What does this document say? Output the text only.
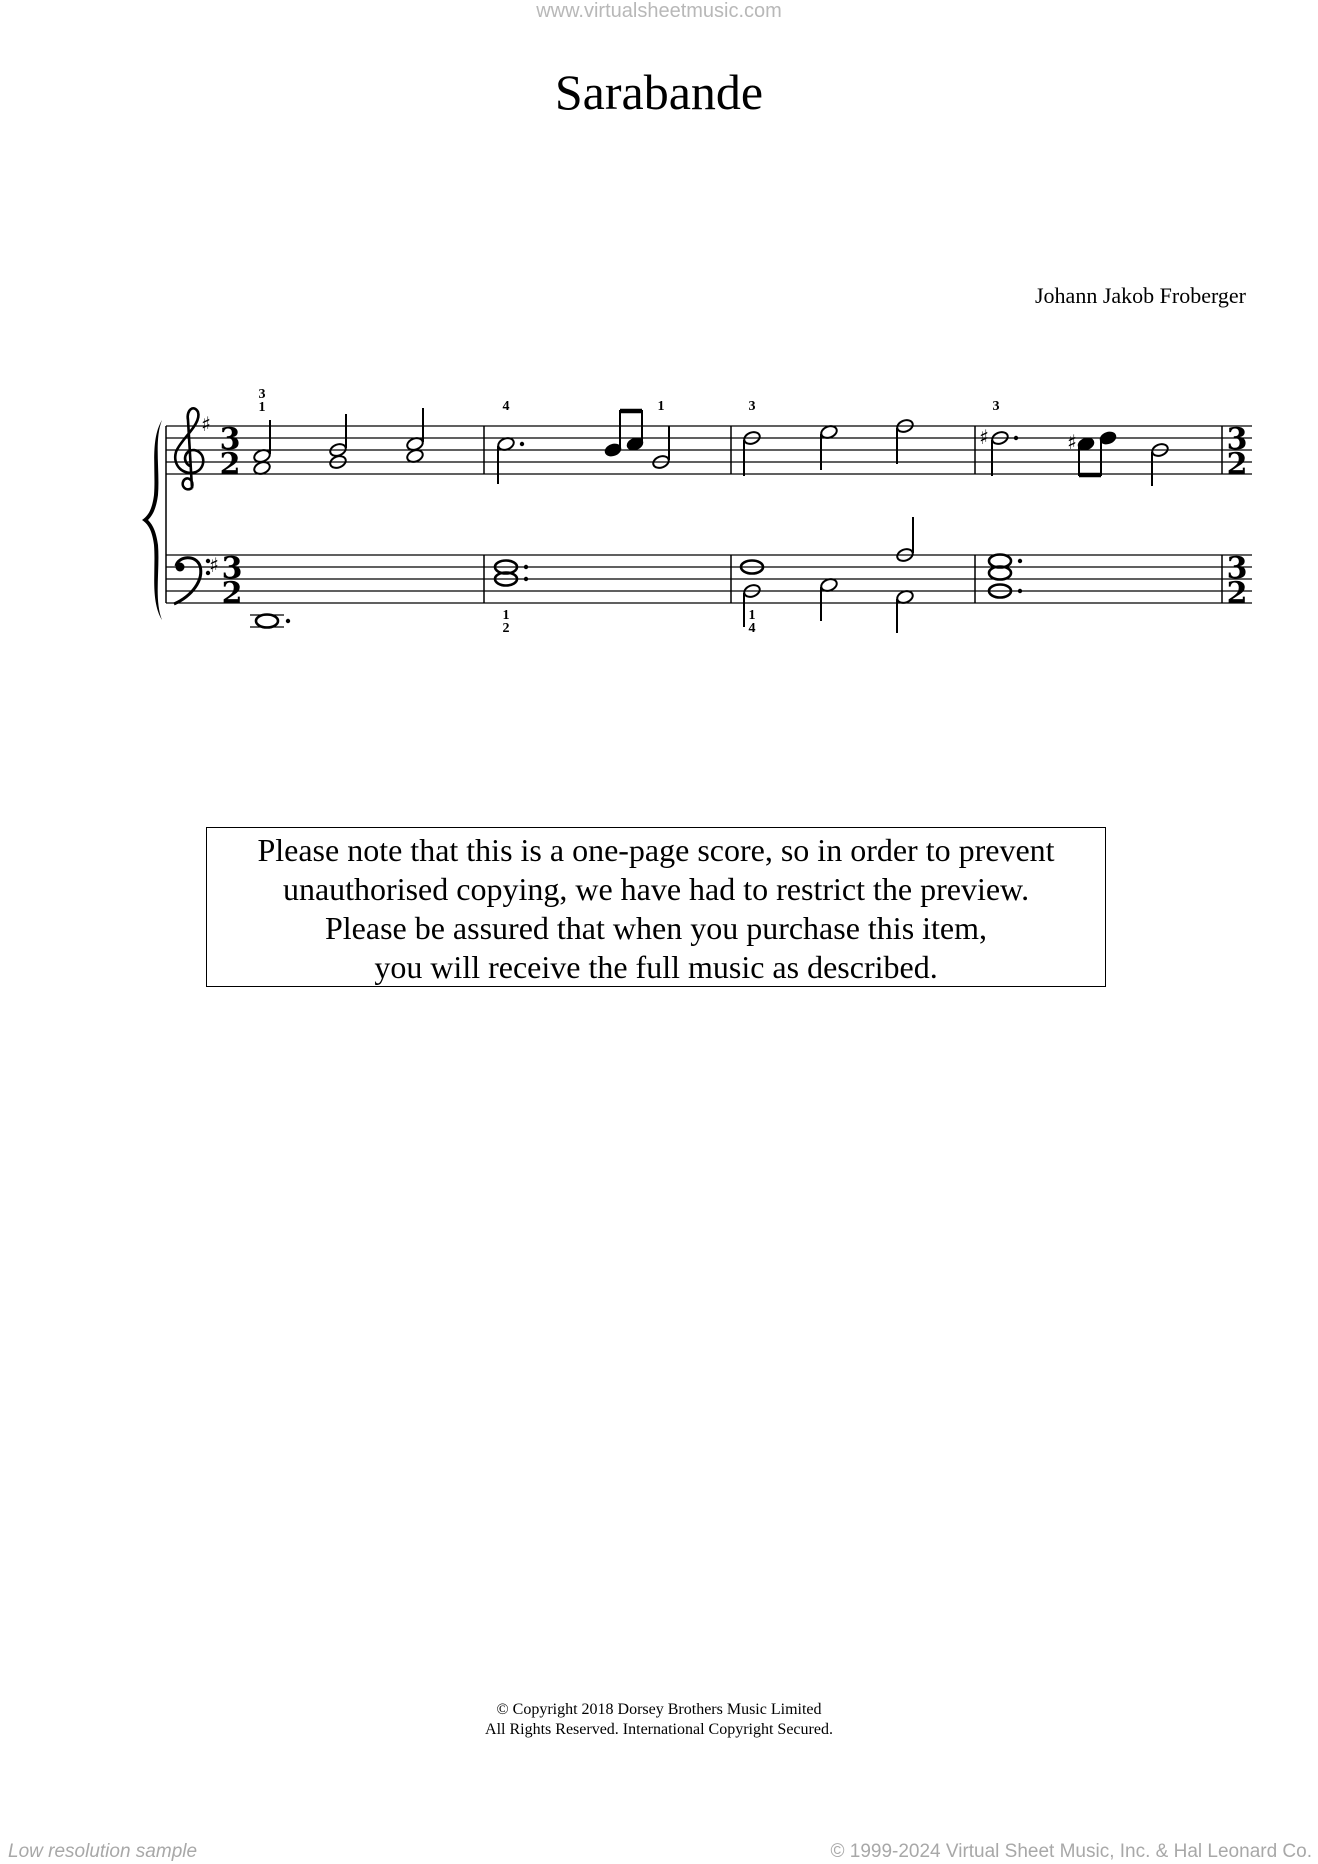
www.virtualsheetmusic.com
Sarabande
Johann Jakob Froberger
♯
♯
3
2
3
2
3
2
3
2
3
1	4	1	3	3
1
2
1
4
♯	♯
Please note that this is a one-page score, so in order to prevent
unauthorised copying, we have had to restrict the preview.
Please be assured that when you purchase this item,
you will receive the full music as described.
© Copyright 2018 Dorsey Brothers Music Limited
All Rights Reserved. International Copyright Secured.
Low resolution sample	© 1999-2024 Virtual Sheet Music, Inc. & Hal Leonard Co.
